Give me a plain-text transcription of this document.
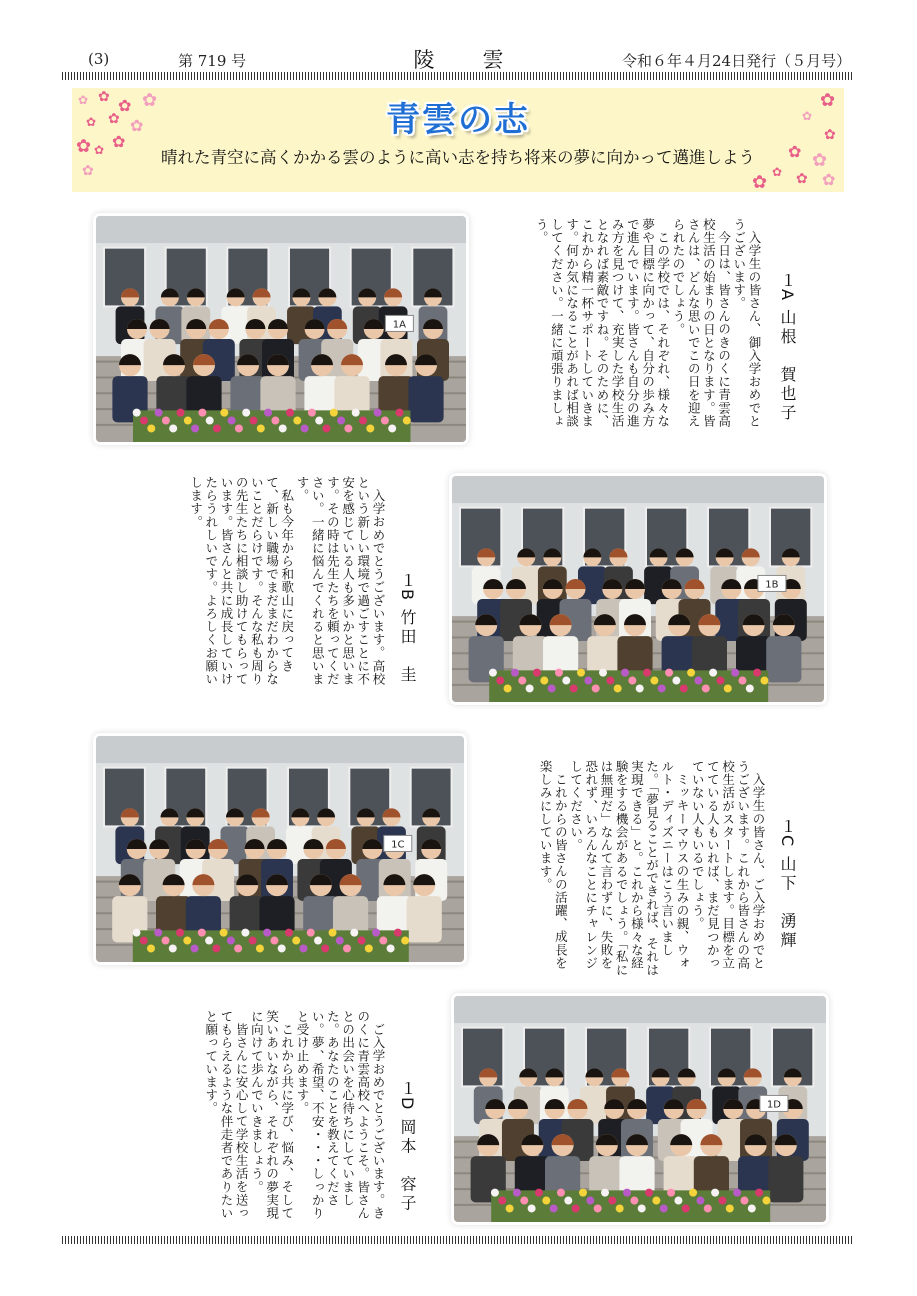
(3)	第 719 号	陵雲	令和６年４月24日発行（５月号）
✿ ✿ ✿ ✿
✿ ✿ ✿
✿ ✿
✿
✿
✿
✿
✿
✿ ✿
✿ ✿ ✿
✿
青雲の志
晴れた青空に高くかかる雲のように高い志を持ち将来の夢に向かって邁進しよう
1A
１A 山根　賀也子

入学生の皆さん、御入学おめでとうございます。

今日は、皆さんのきのくに青雲高校生活の始まりの日となります。皆さんは、どんな思いでこの日を迎えられたのでしょう。

この学校では、それぞれ、様々な夢や目標に向かって、自分の歩み方で進んでいます。皆さんも自分の進み方を見つけて、充実した学校生活となれば素敵ですね。そのために、これから精一杯サポートしていきます。何か気になることがあれば相談してください。一緒に頑張りましょう。

1B
１B 竹田　圭

入学おめでとうございます。高校という新しい環境で過ごすことに不安を感じている人も多いかと思います。その時は先生たちを頼ってください。一緒に悩んでくれると思います。

私も今年から和歌山に戻ってきて、新しい職場でまだまだわからないことだらけです。そんな私も周りの先生たちに相談し助けてもらっています。皆さんと共に成長していけたらうれしいです。よろしくお願いします。

1C	１C 山下　湧輝

入学生の皆さん、ご入学おめでとうございます。これから皆さんの高校生活がスタートします。目標を立てている人もいれば、まだ見つかっていない人もいるでしょう。

ミッキーマウスの生みの親、ウォルト・ディズニーはこう言いました。「夢見ることができれば、それは実現できる」と。これから様々な経験をする機会があるでしょう。「私には無理だ」なんて言わずに、失敗を恐れず、いろんなことにチャレンジしてください。

これからの皆さんの活躍、成長を楽しみにしています。

1D
１D 岡本　容子

ご入学おめでとうございます。きのくに青雲高校へようこそ。皆さんとの出会いを心待ちにしていました。あなたのことを教えてください。夢、希望、不安・・・しっかりと受け止めます。

これから共に学び、悩み、そして笑いあいながら、それぞれの夢実現に向けて歩んでいきましょう。

皆さんに安心して学校生活を送ってもらえるような伴走者でありたいと願っています。
